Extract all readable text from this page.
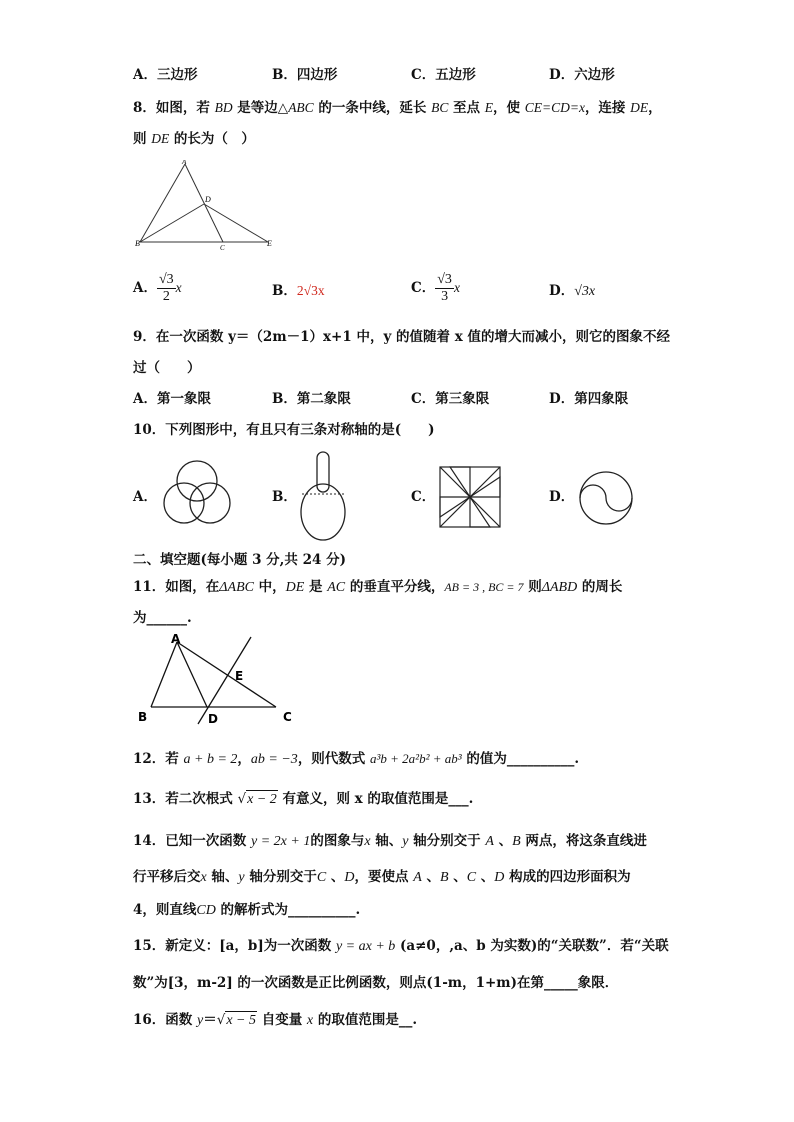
A．三边形	B．四边形	C．五边形	D．六边形
8．如图，若 BD 是等边△ABC 的一条中线，延长 BC 至点 E，使 CE=CD=x，连接 DE，
则 DE 的长为（　）
A
D
B	C	E
A． $\frac{√3}{2}$ x	B．2√3x	C． $\frac{√3}{3}$ x	D．√3x
9．在一次函数 y＝（2m－1）x+1 中，y 的值随着 x 值的增大而减小，则它的图象不经
过（　　）
A．第一象限	B．第二象限	C．第三象限	D．第四象限
10．下列图形中，有且只有三条对称轴的是(　　)
A．	B．	C．	D．
二、填空题(每小题 3 分,共 24 分)
11．如图，在ΔABC 中，DE 是 AC 的垂直平分线，AB = 3 , BC = 7 则ΔABD 的周长
为______.
A
B	C
D
E
12．若 a + b = 2，ab = −3，则代数式 a³b + 2a²b² + ab³ 的值为__________.
13．若二次根式 √x − 2 有意义，则 x 的取值范围是___.
14．已知一次函数 y = 2x + 1的图象与x 轴、y 轴分别交于 A 、B 两点，将这条直线进
行平移后交x 轴、y 轴分别交于C 、D，要使点 A 、B 、C 、D 构成的四边形面积为
4，则直线CD 的解析式为__________.
15．新定义：[a，b]为一次函数 y = ax + b (a≠0，,a、b 为实数)的“关联数”．若“关联
数”为[3，m-2] 的一次函数是正比例函数，则点(1-m，1+m)在第_____象限．
16．函数 y＝√x − 5 自变量 x 的取值范围是__.
